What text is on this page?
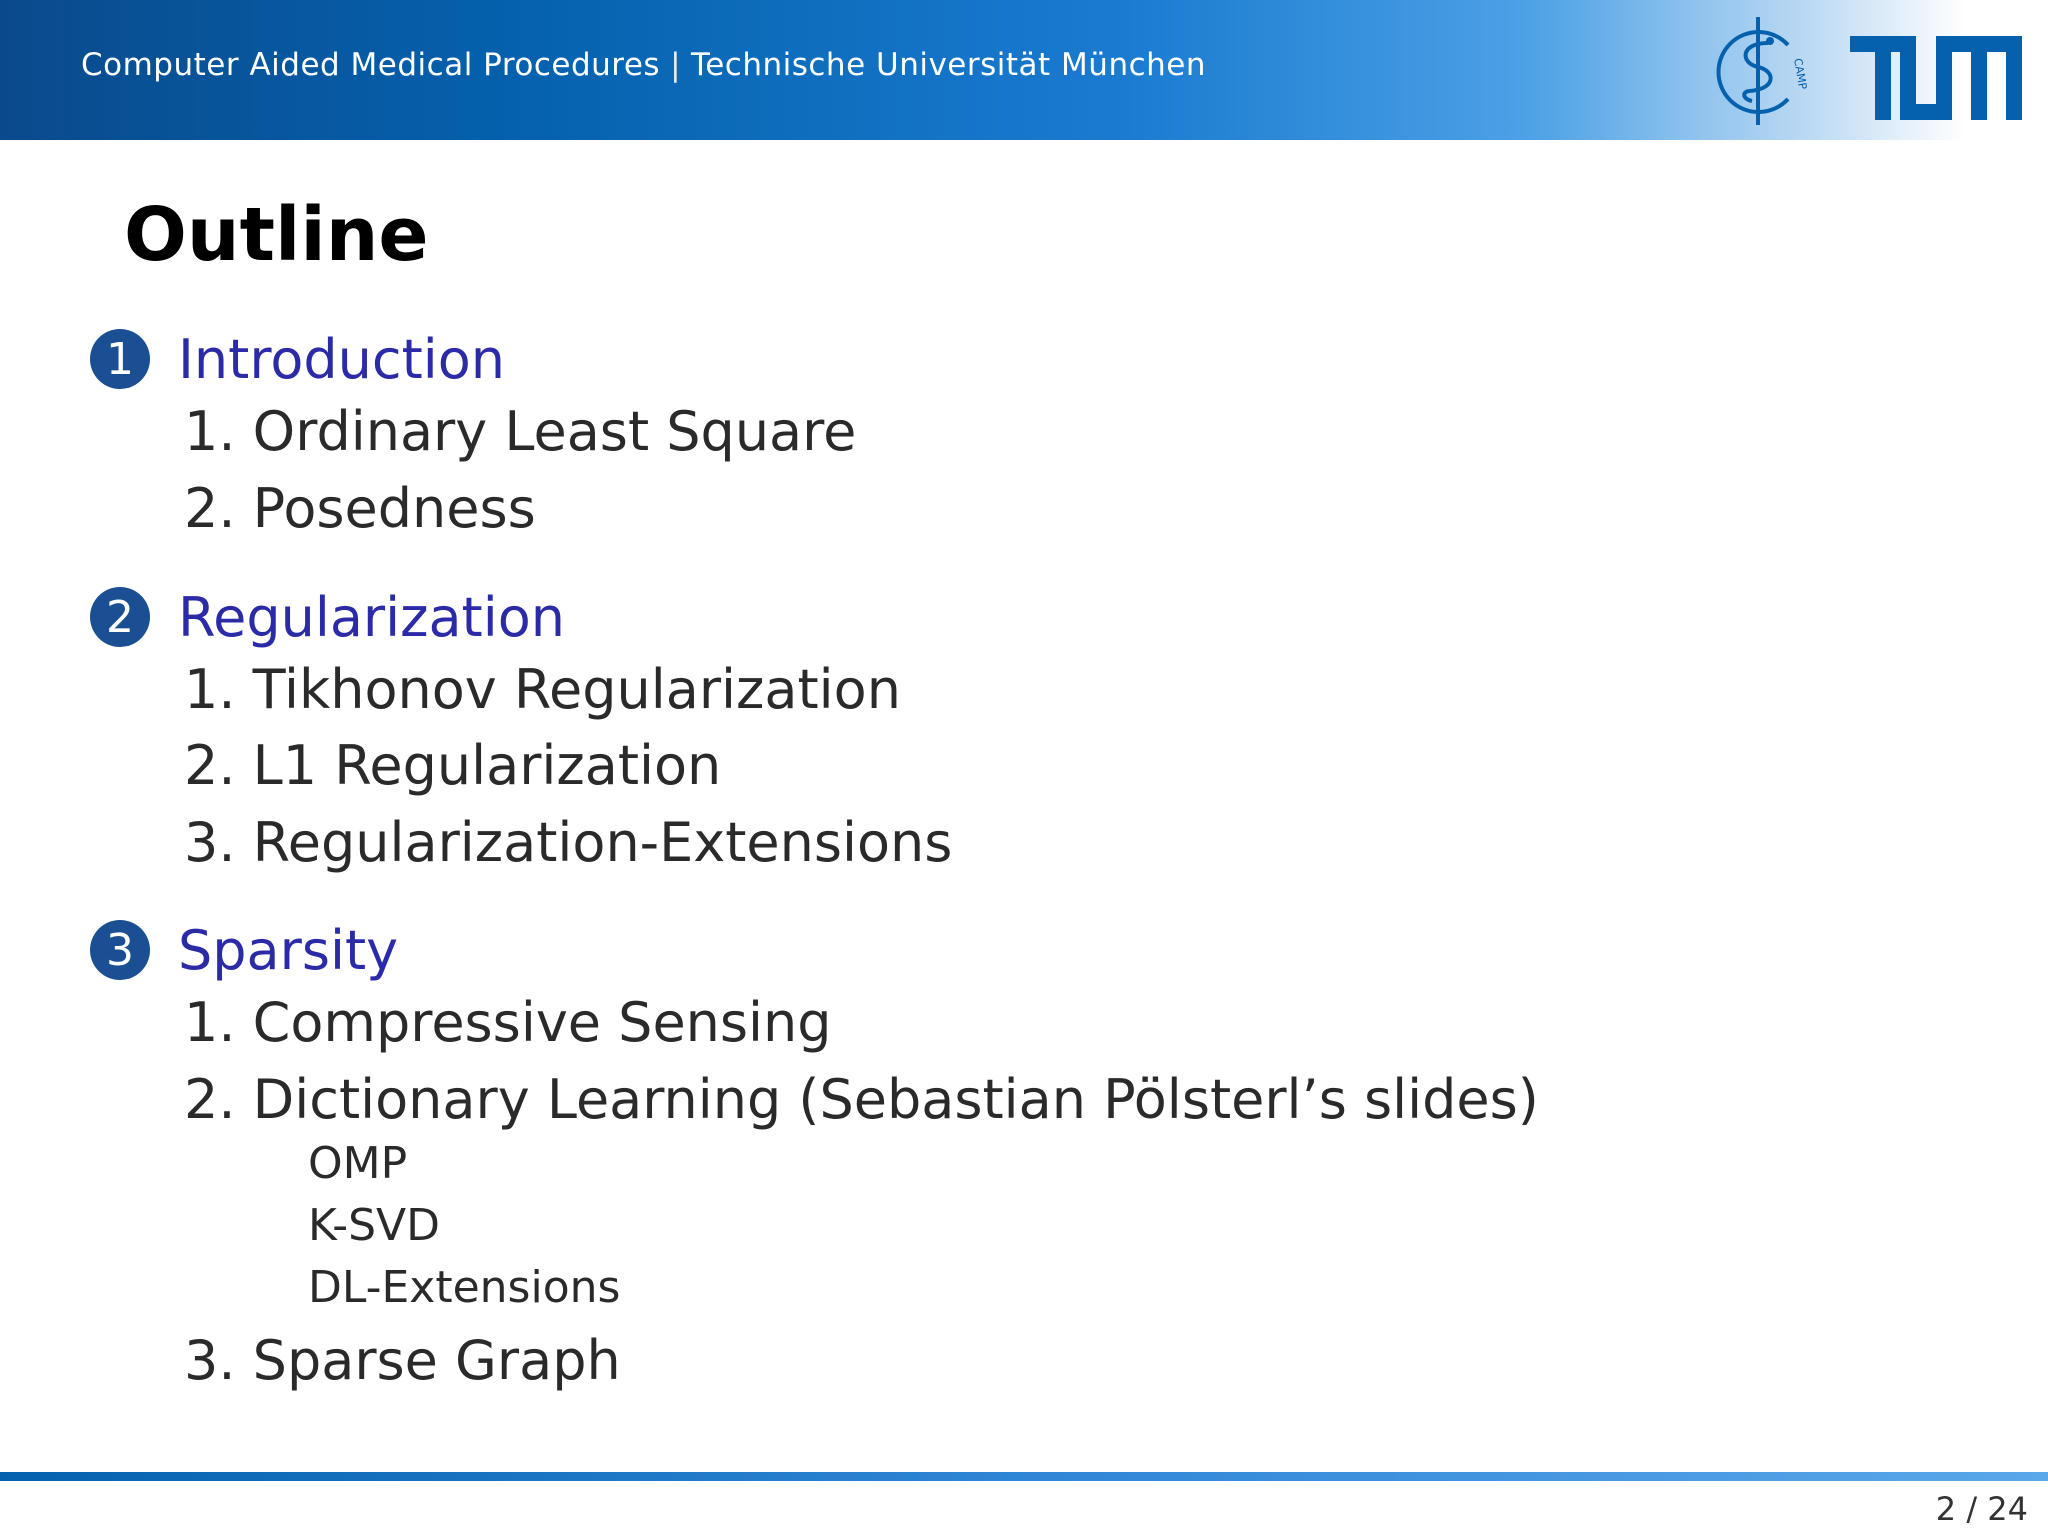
Computer Aided Medical Procedures | Technische Universität München	CAMP
Outline
1 Introduction
1. Ordinary Least Square
2. Posedness
2 Regularization
1. Tikhonov Regularization
2. L1 Regularization
3. Regularization-Extensions
3 Sparsity
1. Compressive Sensing
2. Dictionary Learning (Sebastian Pölsterl’s slides)
OMP
K-SVD
DL-Extensions
3. Sparse Graph
2 / 24
